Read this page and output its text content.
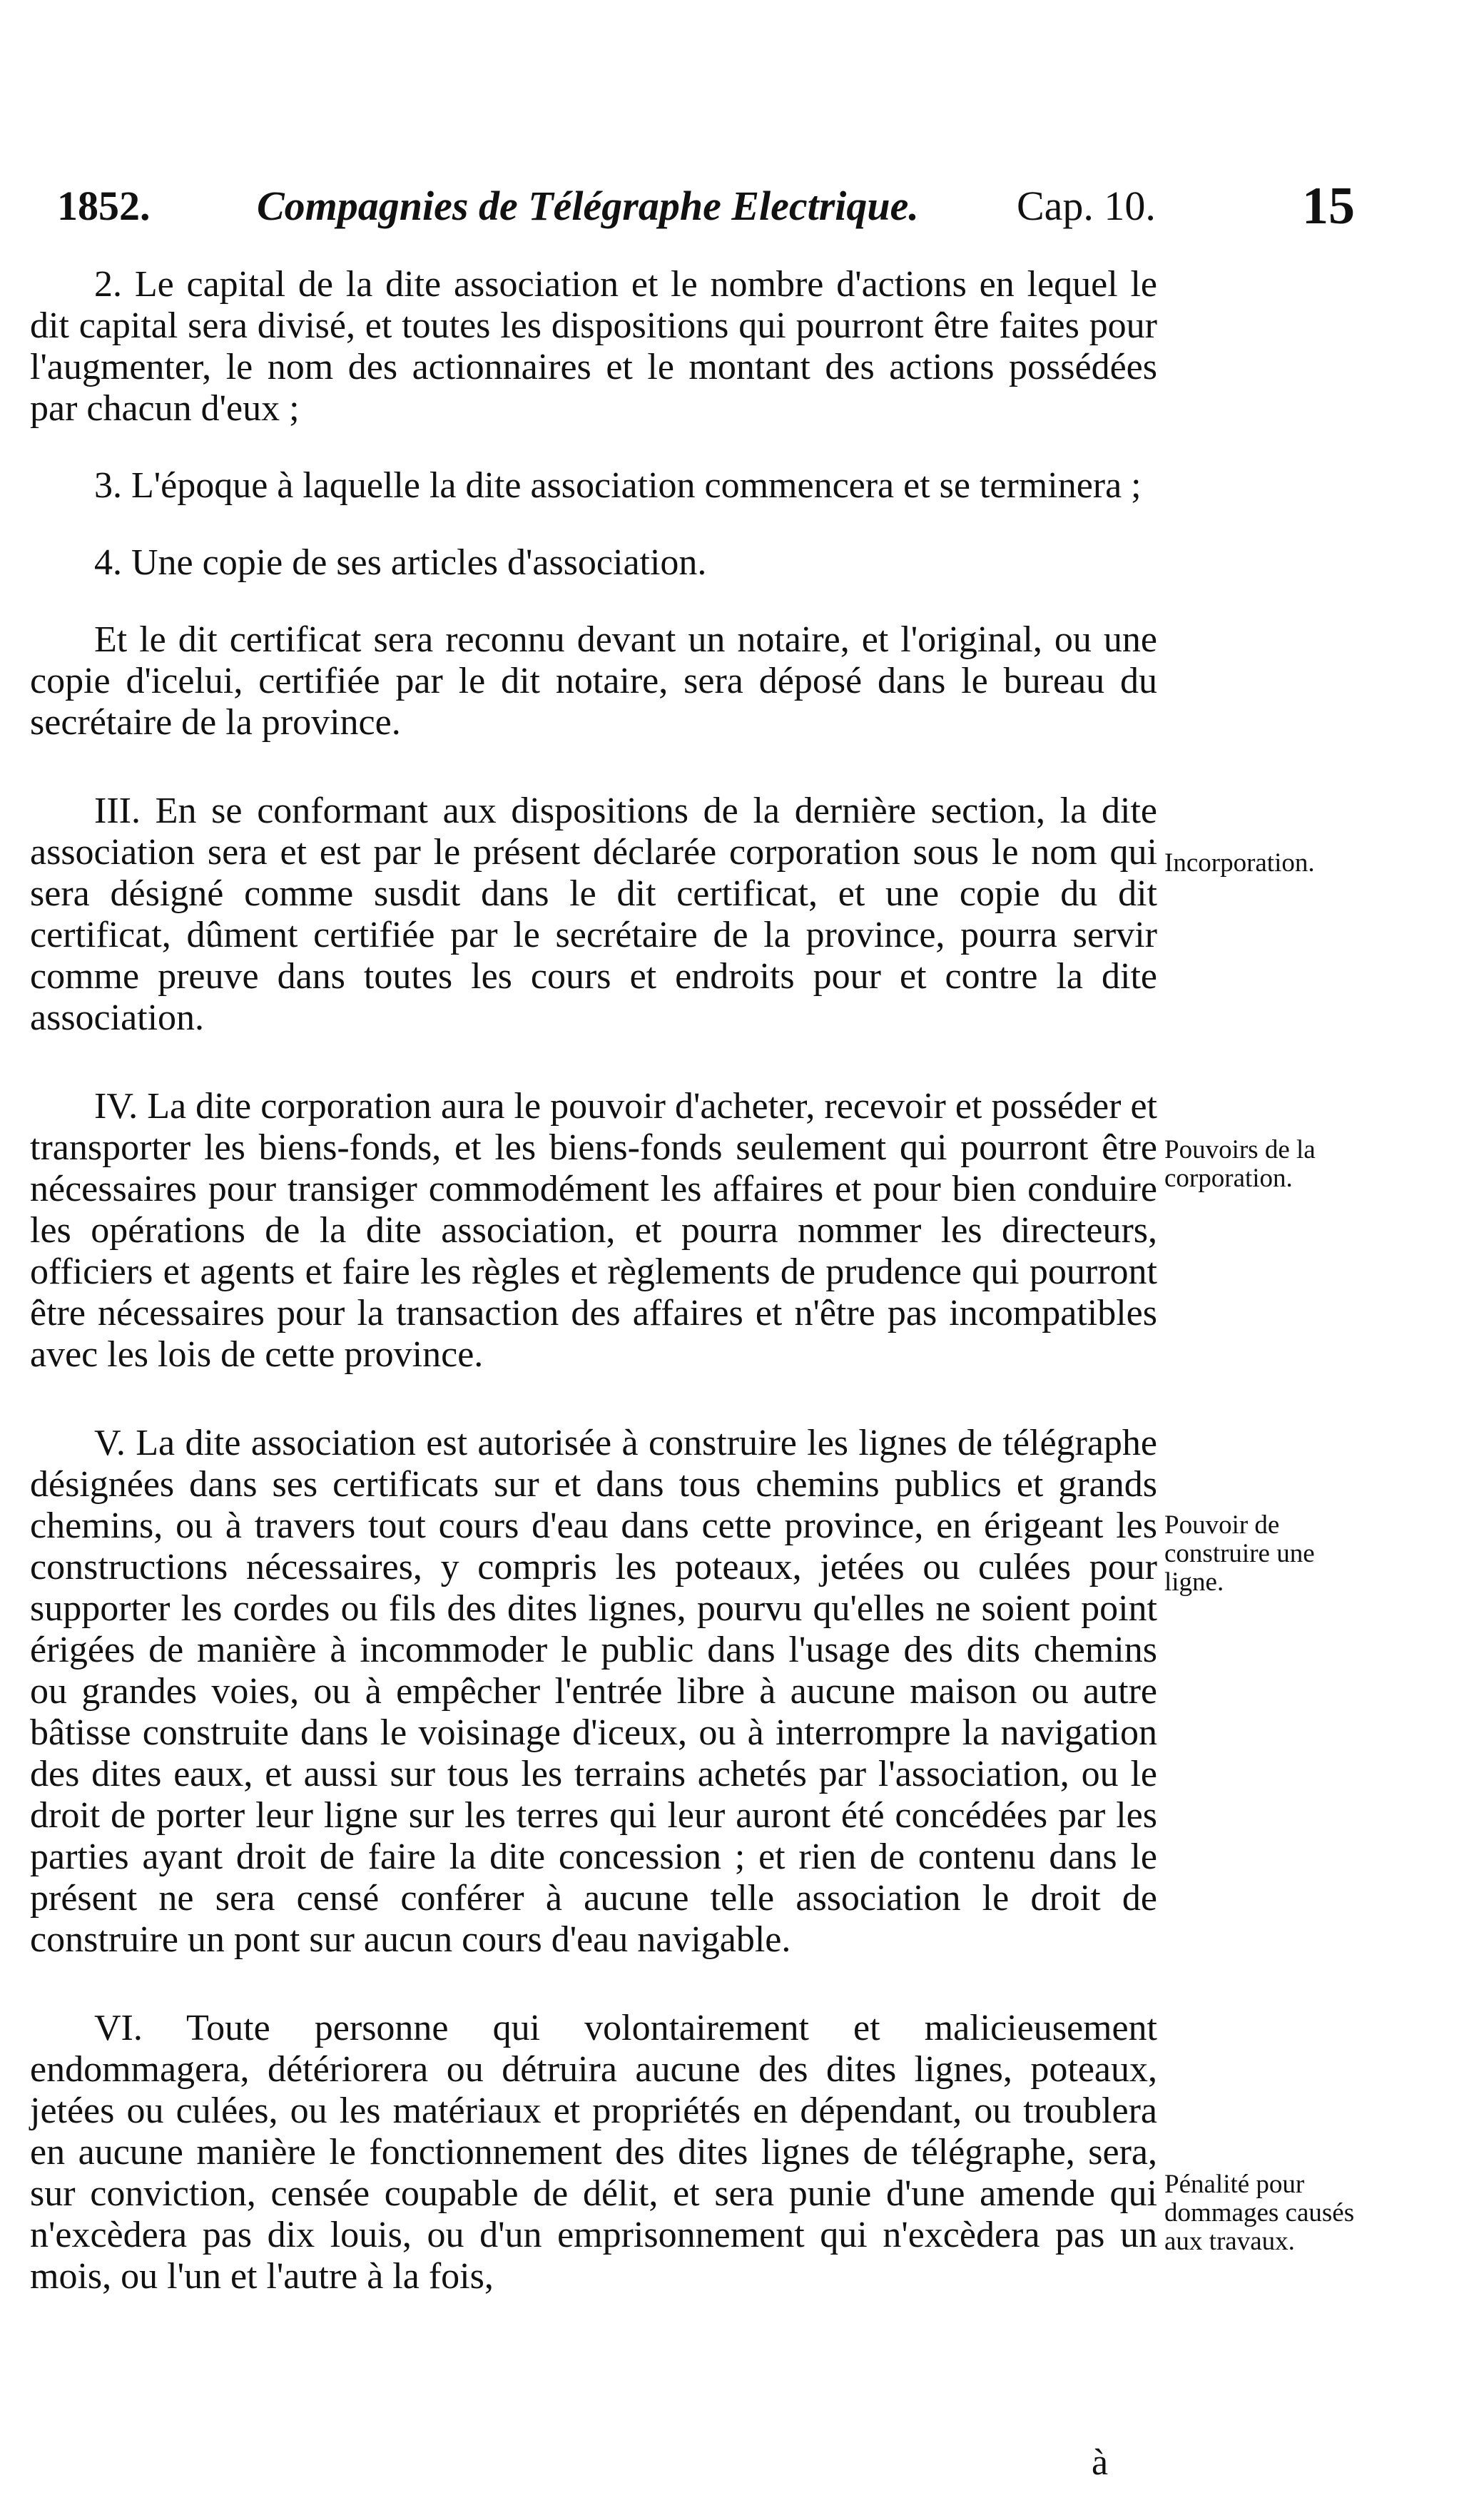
1852.	Compagnies de Télégraphe Electrique. Cap. 10.	15

2. Le capital de la dite association et le nombre d'actions en lequel le dit capital sera divisé, et toutes les dispositions qui pourront être faites pour l'augmenter, le nom des actionnaires et le montant des actions possédées par chacun d'eux ;

3. L'époque à laquelle la dite association commencera et se terminera ;

4. Une copie de ses articles d'association.

Et le dit certificat sera reconnu devant un notaire, et l'original, ou une copie d'icelui, certifiée par le dit notaire, sera déposé dans le bureau du secrétaire de la province.

III. En se conformant aux dispositions de la dernière section, la dite association sera et est par le présent déclarée corporation sous le nom qui sera désigné comme susdit dans le dit certificat, et une copie du dit certificat, dûment certifiée par le secrétaire de la province, pourra servir comme preuve dans toutes les cours et endroits pour et contre la dite association.

IV. La dite corporation aura le pouvoir d'acheter, recevoir et posséder et transporter les biens-fonds, et les biens-fonds seulement qui pourront être nécessaires pour transiger commodément les affaires et pour bien conduire les opérations de la dite association, et pourra nommer les directeurs, officiers et agents et faire les règles et règlements de prudence qui pourront être nécessaires pour la transaction des affaires et n'être pas incompatibles avec les lois de cette province.

V. La dite association est autorisée à construire les lignes de télégraphe désignées dans ses certificats sur et dans tous chemins publics et grands chemins, ou à travers tout cours d'eau dans cette province, en érigeant les constructions nécessaires, y compris les poteaux, jetées ou culées pour supporter les cordes ou fils des dites lignes, pourvu qu'elles ne soient point érigées de manière à incommoder le public dans l'usage des dits chemins ou grandes voies, ou à empêcher l'entrée libre à aucune maison ou autre bâtisse construite dans le voisinage d'iceux, ou à interrompre la navigation des dites eaux, et aussi sur tous les terrains achetés par l'association, ou le droit de porter leur ligne sur les terres qui leur auront été concédées par les parties ayant droit de faire la dite concession ; et rien de contenu dans le présent ne sera censé conférer à aucune telle association le droit de construire un pont sur aucun cours d'eau navigable.

VI. Toute personne qui volontairement et malicieusement endommagera, détériorera ou détruira aucune des dites lignes, poteaux, jetées ou culées, ou les matériaux et propriétés en dépendant, ou troublera en aucune manière le fonctionnement des dites lignes de télégraphe, sera, sur conviction, censée coupable de délit, et sera punie d'une amende qui n'excèdera pas dix louis, ou d'un emprisonnement qui n'excèdera pas un mois, ou l'un et l'autre à la fois,

Incorporation.
Pouvoirs de la corporation.
Pouvoir de construire une ligne.
Pénalité pour dommages causés aux travaux.
à
